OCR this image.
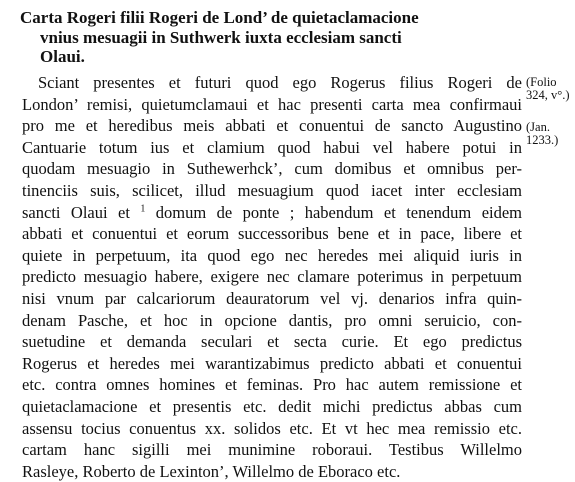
Carta Rogeri filii Rogeri de Lond’ de quietaclamacione
vnius mesuagii in Suthwerk iuxta ecclesiam sancti
Olaui.
Sciant presentes et futuri quod ego Rogerus filius Rogeri de
London’ remisi, quietumclamaui et hac presenti carta mea confirmaui
pro me et heredibus meis abbati et conuentui de sancto Augustino
Cantuarie totum ius et clamium quod habui vel habere potui in
quodam mesuagio in Suthewerhck’, cum domibus et omnibus per-
tinenciis suis, scilicet, illud mesuagium quod iacet inter ecclesiam
sancti Olaui et $^1$ domum de ponte ; habendum et tenendum eidem
abbati et conuentui et eorum successoribus bene et in pace, libere et
quiete in perpetuum, ita quod ego nec heredes mei aliquid iuris in
predicto mesuagio habere, exigere nec clamare poterimus in perpetuum
nisi vnum par calcariorum deauratorum vel vj. denarios infra quin-
denam Pasche, et hoc in opcione dantis, pro omni seruicio, con-
suetudine et demanda seculari et secta curie. Et ego predictus
Rogerus et heredes mei warantizabimus predicto abbati et conuentui
etc. contra omnes homines et feminas. Pro hac autem remissione et
quietaclamacione et presentis etc. dedit michi predictus abbas cum
assensu tocius conuentus xx. solidos etc. Et vt hec mea remissio etc.
cartam hanc sigilli mei munimine roboraui. Testibus Willelmo
Rasleye, Roberto de Lexinton’, Willelmo de Eboraco etc.
(Folio
324, v°.)
(Jan.
1233.)
